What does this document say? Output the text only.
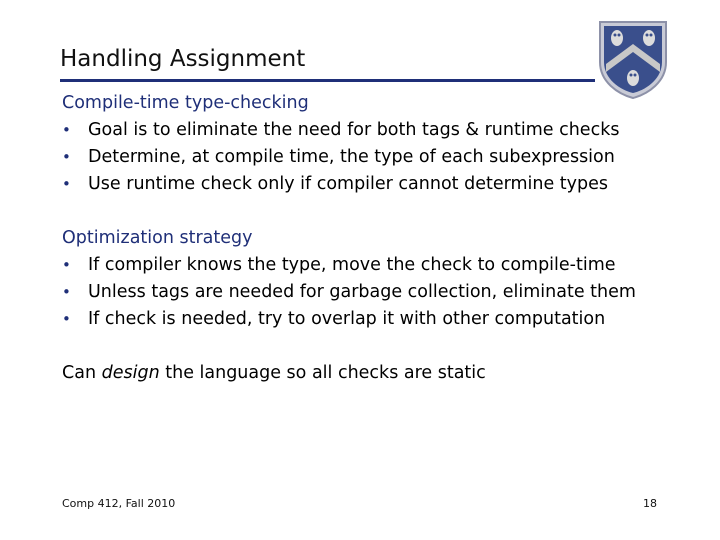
Handling Assignment
Compile-time type-checking
• Goal is to eliminate the need for both tags & runtime checks
• Determine, at compile time, the type of each subexpression
• Use runtime check only if compiler cannot determine types
Optimization strategy
• If compiler knows the type, move the check to compile-time
• Unless tags are needed for garbage collection, eliminate them
• If check is needed, try to overlap it with other computation
Can design the language so all checks are static
Comp 412, Fall 2010	18
